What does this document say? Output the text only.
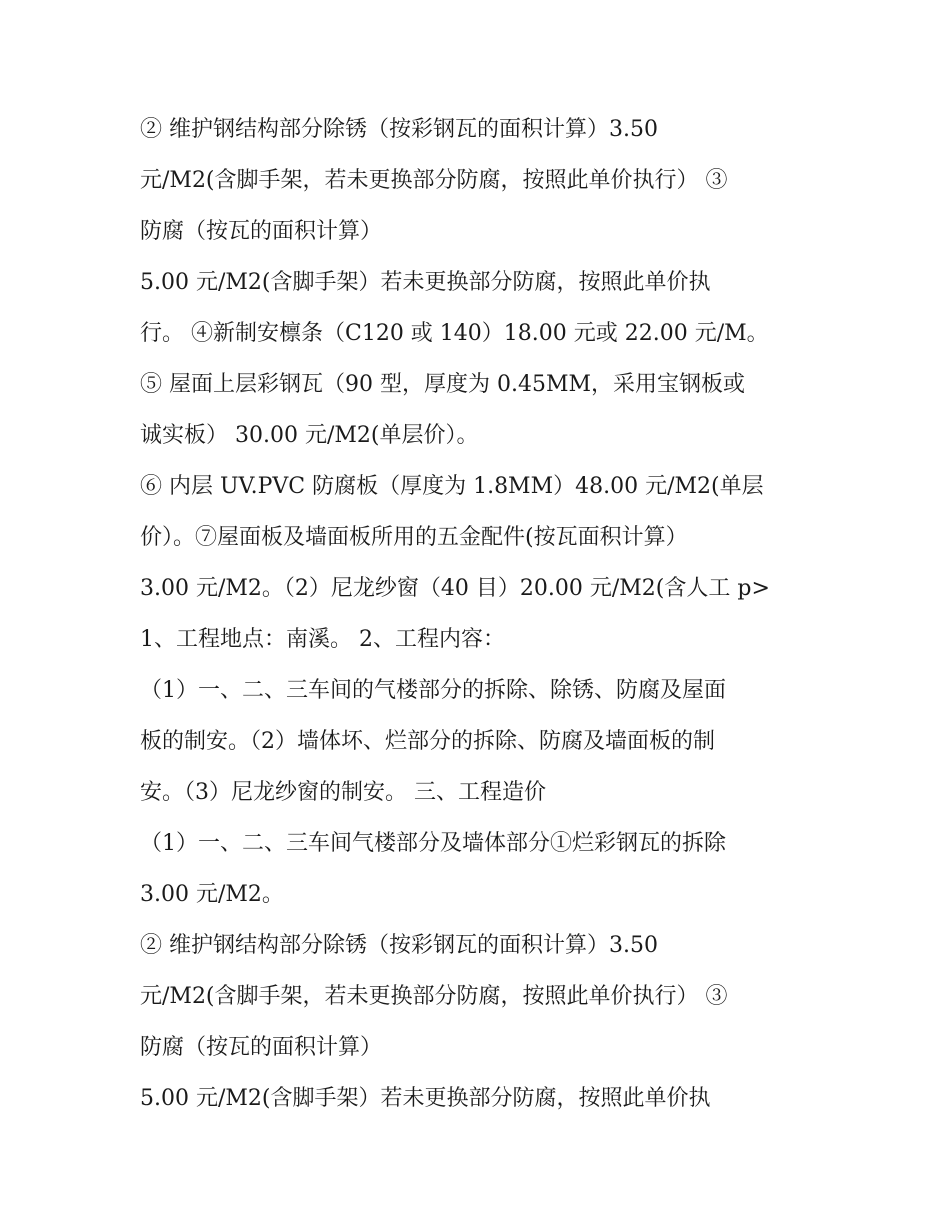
② 维护钢结构部分除锈（按彩钢瓦的面积计算）3.50
元/M2(含脚手架，若未更换部分防腐，按照此单价执行） ③
防腐（按瓦的面积计算）
5.00 元/M2(含脚手架）若未更换部分防腐，按照此单价执
行。 ④新制安檩条（C120 或 140）18.00 元或 22.00 元/M。
⑤ 屋面上层彩钢瓦（90 型，厚度为 0.45MM，采用宝钢板或
诚实板） 30.00 元/M2(单层价）。
⑥ 内层 UV.PVC 防腐板（厚度为 1.8MM）48.00 元/M2(单层
价）。⑦屋面板及墙面板所用的五金配件(按瓦面积计算）
3.00 元/M2。（2）尼龙纱窗（40 目）20.00 元/M2(含人工 p>
1、工程地点：南溪。 2、工程内容：
（1）一、二、三车间的气楼部分的拆除、除锈、防腐及屋面
板的制安。（2）墙体坏、烂部分的拆除、防腐及墙面板的制
安。（3）尼龙纱窗的制安。 三、工程造价
（1）一、二、三车间气楼部分及墙体部分①烂彩钢瓦的拆除
3.00 元/M2。
② 维护钢结构部分除锈（按彩钢瓦的面积计算）3.50
元/M2(含脚手架，若未更换部分防腐，按照此单价执行） ③
防腐（按瓦的面积计算）
5.00 元/M2(含脚手架）若未更换部分防腐，按照此单价执
